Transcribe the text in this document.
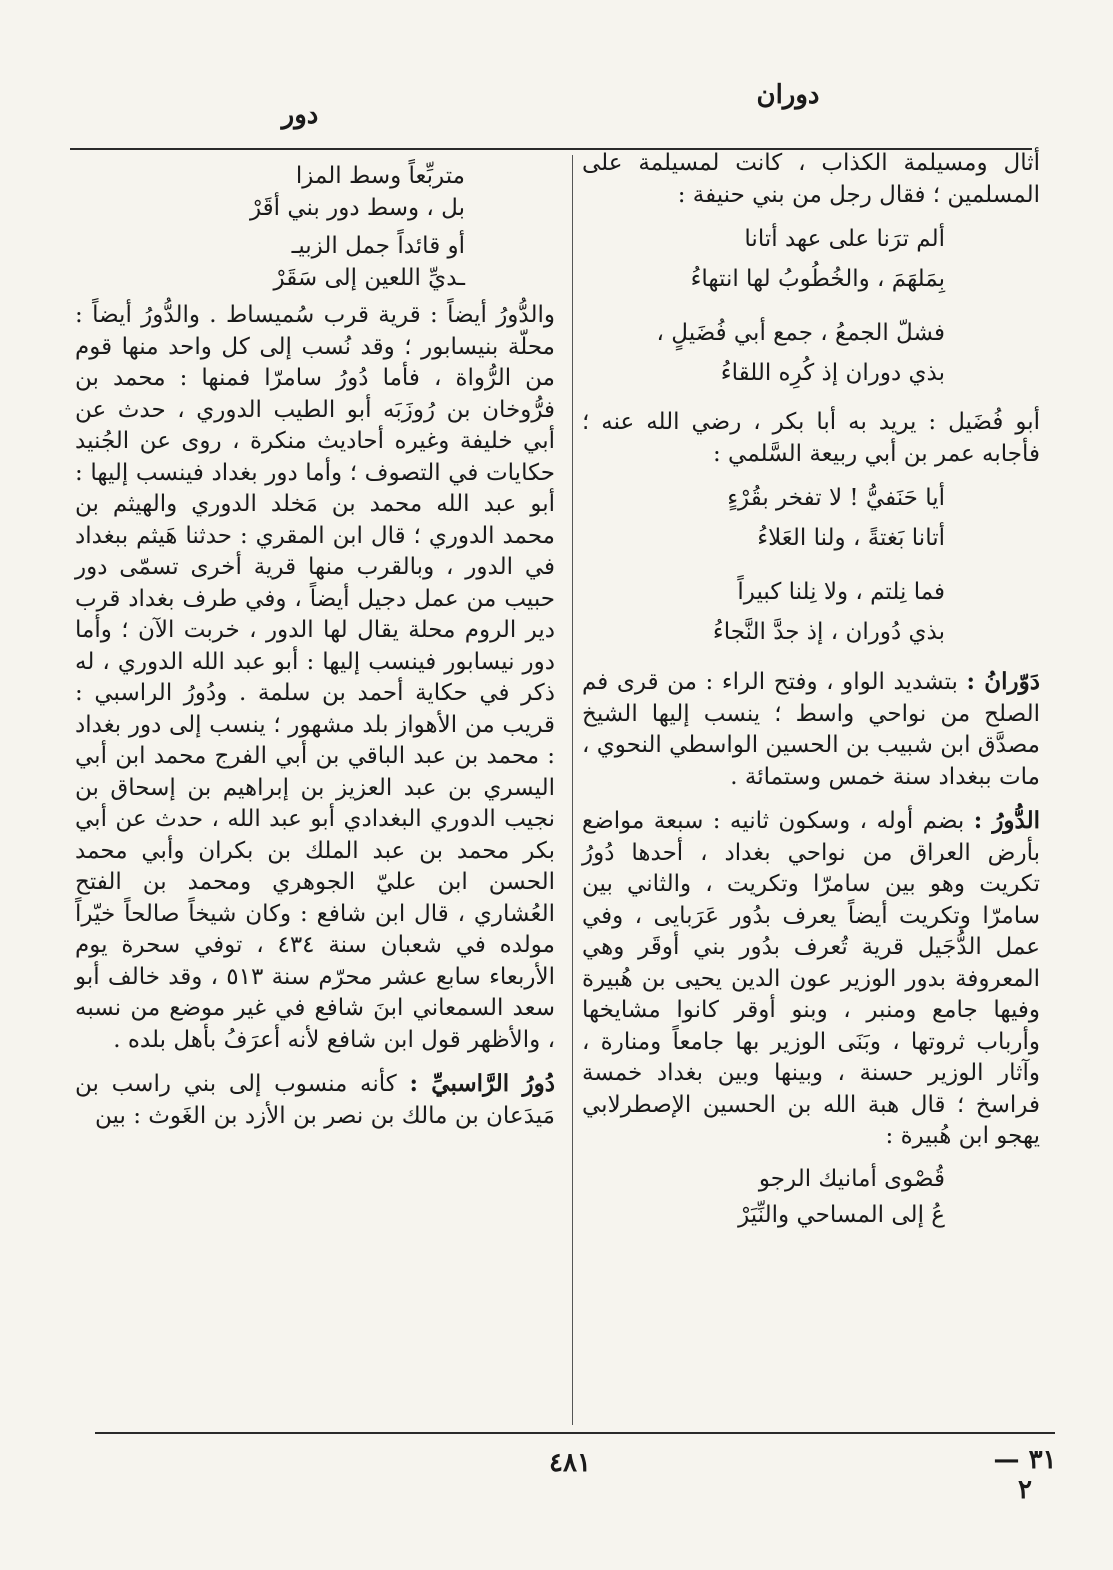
دوران
دور

أثال ومسيلمة الكذاب ، كانت لمسيلمة على المسلمين ؛ فقال رجل من بني حنيفة :

ألم ترَنا على عهد أتانا
بِمَلهَمَ ، والخُطُوبُ لها انتهاءُ
فشلّ الجمعُ ، جمع أبي فُضَيلٍ ،
بذي دوران إذ كُرِه اللقاءُ

أبو فُضَيل : يريد به أبا بكر ، رضي الله عنه ؛ فأجابه عمر بن أبي ربيعة السَّلمي :

أيا حَنَفيُّ ! لا تفخر بقُرْءٍ
أتانا بَغتةً ، ولنا العَلاءُ
فما نِلتم ، ولا نِلنا كبيراً
بذي دُوران ، إذ جدَّ النَّجاءُ

دَوّرانُ : بتشديد الواو ، وفتح الراء : من قرى فم الصلح من نواحي واسط ؛ ينسب إليها الشيخ مصدَّق ابن شبيب بن الحسين الواسطي النحوي ، مات ببغداد سنة خمس وستمائة .

الدُّورُ : بضم أوله ، وسكون ثانيه : سبعة مواضع بأرض العراق من نواحي بغداد ، أحدها دُورُ تكريت وهو بين سامرّا وتكريت ، والثاني بين سامرّا وتكريت أيضاً يعرف بدُور عَرَبايى ، وفي عمل الدُّجَيل قرية تُعرف بدُور بني أوقَر وهي المعروفة بدور الوزير عون الدين يحيى بن هُبيرة وفيها جامع ومنبر ، وبنو أوقر كانوا مشايخها وأرباب ثروتها ، وبَنَى الوزير بها جامعاً ومنارة ، وآثار الوزير حسنة ، وبينها وبين بغداد خمسة فراسخ ؛ قال هبة الله بن الحسين الإصطرلابي يهجو ابن هُبيرة :

قُصْوى أمانيك الرجو
عُ إلى المساحي والنِّيَرْ
متربِّعاً وسط المزا
بل ، وسط دور بني أقَرْ
أو قائداً جمل الزبيـ
ـديِّ اللعين إلى سَقَرْ

والدُّورُ أيضاً : قرية قرب سُميساط . والدُّورُ أيضاً : محلّة بنيسابور ؛ وقد نُسب إلى كل واحد منها قوم من الرُّواة ، فأما دُورُ سامرّا فمنها : محمد بن فرُّوخان بن رُوزَبَه أبو الطيب الدوري ، حدث عن أبي خليفة وغيره أحاديث منكرة ، روى عن الجُنيد حكايات في التصوف ؛ وأما دور بغداد فينسب إليها : أبو عبد الله محمد بن مَخلد الدوري والهيثم بن محمد الدوري ؛ قال ابن المقري : حدثنا هَيثم ببغداد في الدور ، وبالقرب منها قرية أخرى تسمّى دور حبيب من عمل دجيل أيضاً ، وفي طرف بغداد قرب دير الروم محلة يقال لها الدور ، خربت الآن ؛ وأما دور نيسابور فينسب إليها : أبو عبد الله الدوري ، له ذكر في حكاية أحمد بن سلمة . ودُورُ الراسبي : قريب من الأهواز بلد مشهور ؛ ينسب إلى دور بغداد : محمد بن عبد الباقي بن أبي الفرج محمد ابن أبي اليسري بن عبد العزيز بن إبراهيم بن إسحاق بن نجيب الدوري البغدادي أبو عبد الله ، حدث عن أبي بكر محمد بن عبد الملك بن بكران وأبي محمد الحسن ابن عليّ الجوهري ومحمد بن الفتح العُشاري ، قال ابن شافع : وكان شيخاً صالحاً خيّراً مولده في شعبان سنة ٤٣٤ ، توفي سحرة يوم الأربعاء سابع عشر محرّم سنة ٥١٣ ، وقد خالف أبو سعد السمعاني ابنَ شافع في غير موضع من نسبه ، والأظهر قول ابن شافع لأنه أعرَفُ بأهل بلده .

دُورُ الرَّاسبيِّ : كأنه منسوب إلى بني راسب بن مَيدَعان بن مالك بن نصر بن الأزد بن الغَوث : بين

٤٨١	٣١ — ٢
